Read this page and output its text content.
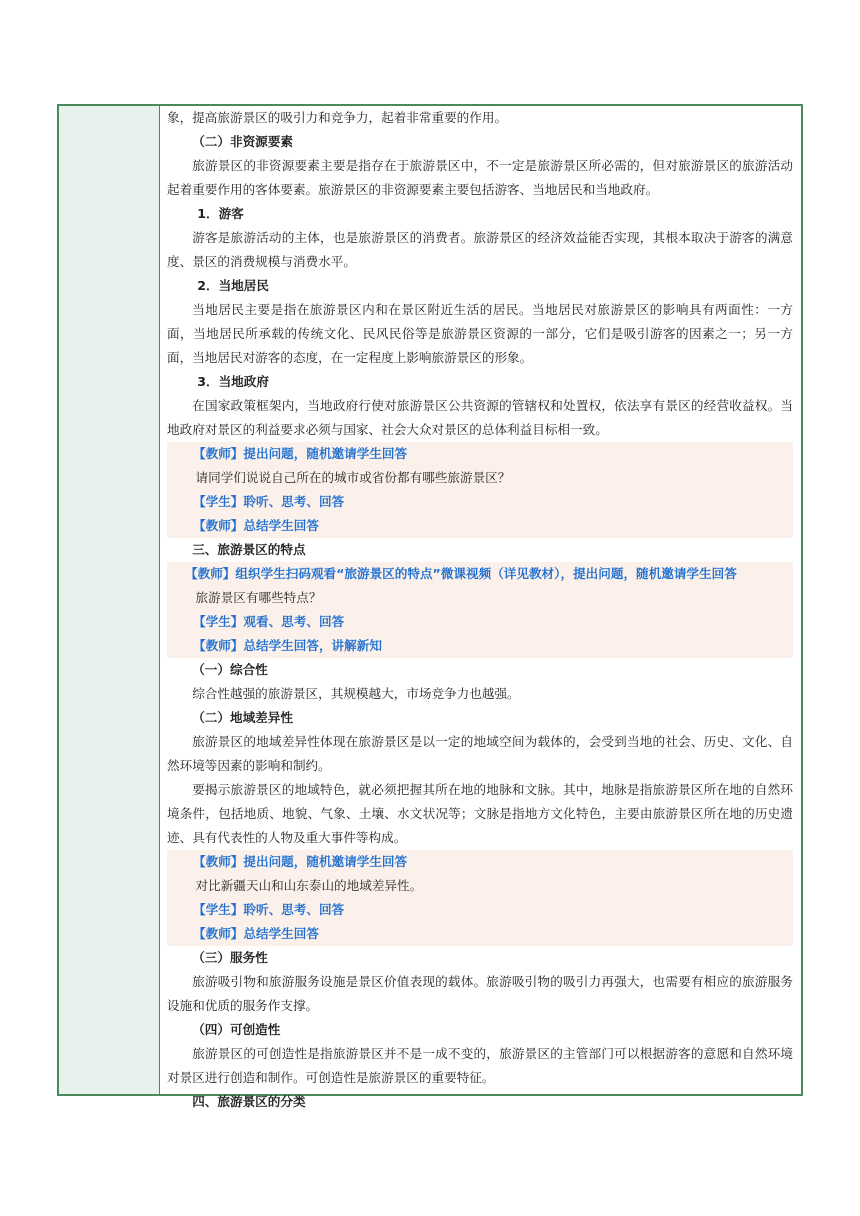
象，提高旅游景区的吸引力和竞争力，起着非常重要的作用。

（二）非资源要素

旅游景区的非资源要素主要是指存在于旅游景区中，不一定是旅游景区所必需的，但对旅游景区的旅游活动起着重要作用的客体要素。旅游景区的非资源要素主要包括游客、当地居民和当地政府。

1．游客

游客是旅游活动的主体，也是旅游景区的消费者。旅游景区的经济效益能否实现，其根本取决于游客的满意度、景区的消费规模与消费水平。

2．当地居民

当地居民主要是指在旅游景区内和在景区附近生活的居民。当地居民对旅游景区的影响具有两面性：一方面，当地居民所承载的传统文化、民风民俗等是旅游景区资源的一部分，它们是吸引游客的因素之一；另一方面，当地居民对游客的态度，在一定程度上影响旅游景区的形象。

3．当地政府

在国家政策框架内，当地政府行使对旅游景区公共资源的管辖权和处置权，依法享有景区的经营收益权。当地政府对景区的利益要求必须与国家、社会大众对景区的总体利益目标相一致。

【教师】提出问题，随机邀请学生回答

请同学们说说自己所在的城市或省份都有哪些旅游景区？

【学生】聆听、思考、回答

【教师】总结学生回答

三、旅游景区的特点

【教师】组织学生扫码观看“旅游景区的特点”微课视频（详见教材），提出问题，随机邀请学生回答

旅游景区有哪些特点？

【学生】观看、思考、回答

【教师】总结学生回答，讲解新知

（一）综合性

综合性越强的旅游景区，其规模越大，市场竞争力也越强。

（二）地域差异性

旅游景区的地域差异性体现在旅游景区是以一定的地域空间为载体的，会受到当地的社会、历史、文化、自然环境等因素的影响和制约。

要揭示旅游景区的地域特色，就必须把握其所在地的地脉和文脉。其中，地脉是指旅游景区所在地的自然环境条件，包括地质、地貌、气象、土壤、水文状况等；文脉是指地方文化特色，主要由旅游景区所在地的历史遗迹、具有代表性的人物及重大事件等构成。

【教师】提出问题，随机邀请学生回答

对比新疆天山和山东泰山的地域差异性。

【学生】聆听、思考、回答

【教师】总结学生回答

（三）服务性

旅游吸引物和旅游服务设施是景区价值表现的载体。旅游吸引物的吸引力再强大，也需要有相应的旅游服务设施和优质的服务作支撑。

（四）可创造性

旅游景区的可创造性是指旅游景区并不是一成不变的，旅游景区的主管部门可以根据游客的意愿和自然环境对景区进行创造和制作。可创造性是旅游景区的重要特征。

四、旅游景区的分类
